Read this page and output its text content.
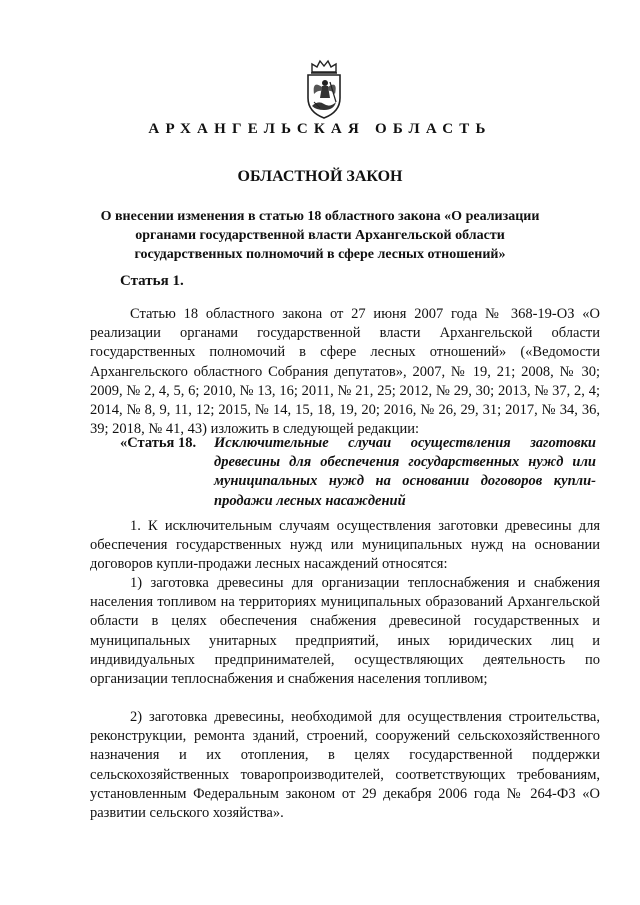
АРХАНГЕЛЬСКАЯ ОБЛАСТЬ
ОБЛАСТНОЙ ЗАКОН
О внесении изменения в статью 18 областного закона «О реализации органами государственной власти Архангельской области государственных полномочий в сфере лесных отношений»
Статья 1.

Статью 18 областного закона от 27 июня 2007 года № 368-19-ОЗ «О реализации органами государственной власти Архангельской области государственных полномочий в сфере лесных отношений» («Ведомости Архангельского областного Собрания депутатов», 2007, № 19, 21; 2008, № 30; 2009, № 2, 4, 5, 6; 2010, № 13, 16; 2011, № 21, 25; 2012, № 29, 30; 2013, № 37, 2, 4; 2014, № 8, 9, 11, 12; 2015, № 14, 15, 18, 19, 20; 2016, № 26, 29, 31; 2017, № 34, 36, 39; 2018, № 41, 43) изложить в следующей редакции:

«Статья 18. Исключительные случаи осуществления заготовки древесины для обеспечения государственных нужд или муниципальных нужд на основании договоров купли-продажи лесных насаждений

1. К исключительным случаям осуществления заготовки древесины для обеспечения государственных нужд или муниципальных нужд на основании договоров купли-продажи лесных насаждений относятся:

1) заготовка древесины для организации теплоснабжения и снабжения населения топливом на территориях муниципальных образований Архангельской области в целях обеспечения снабжения древесиной государственных и муниципальных унитарных предприятий, иных юридических лиц и индивидуальных предпринимателей, осуществляющих деятельность по организации теплоснабжения и снабжения населения топливом;

2) заготовка древесины, необходимой для осуществления строительства, реконструкции, ремонта зданий, строений, сооружений сельскохозяйственного назначения и их отопления, в целях государственной поддержки сельскохозяйственных товаропроизводителей, соответствующих требованиям, установленным Федеральным законом от 29 декабря 2006 года № 264-ФЗ «О развитии сельского хозяйства».
